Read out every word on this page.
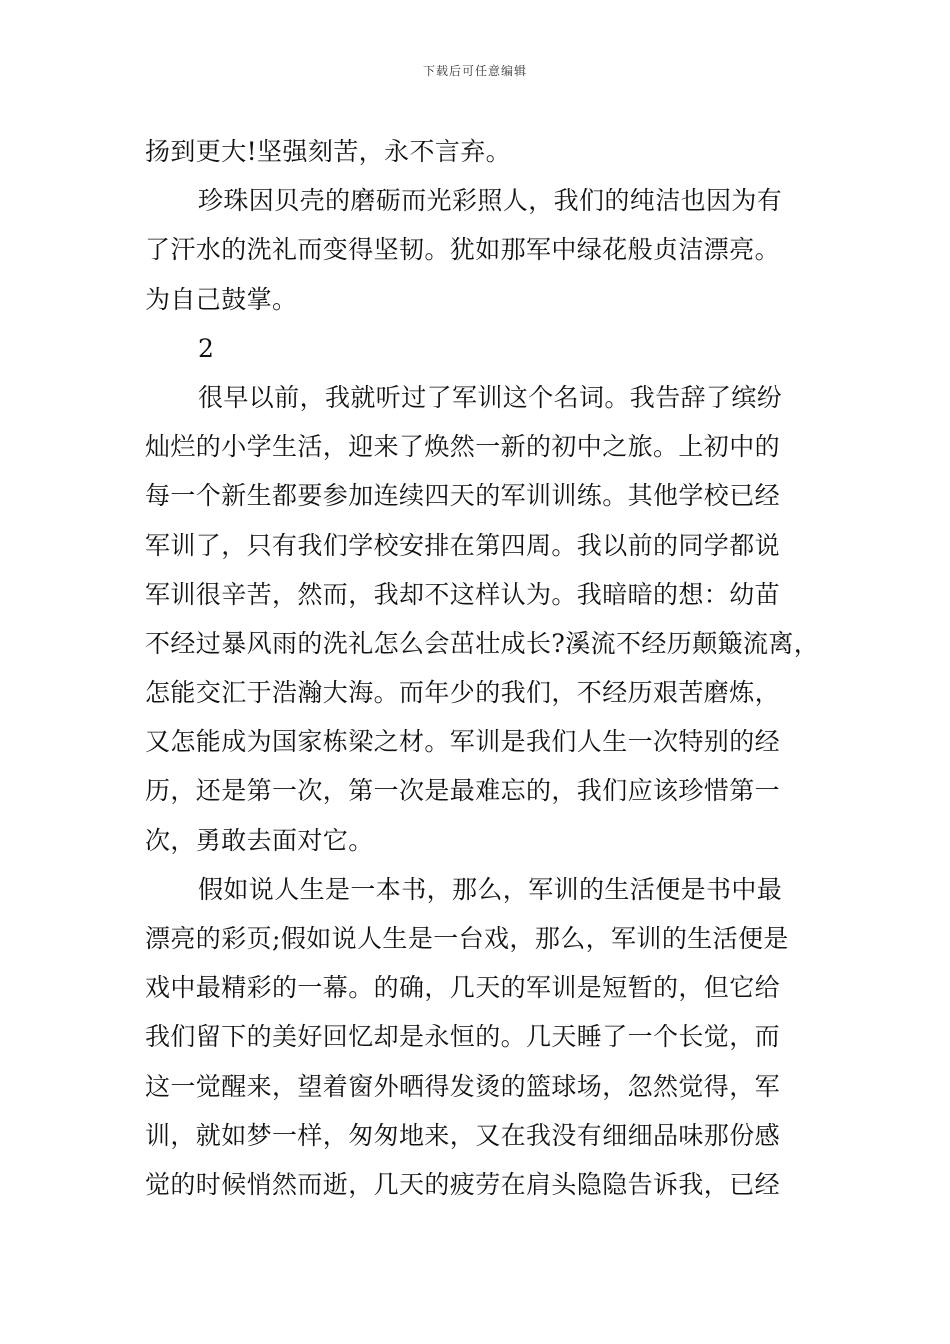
下载后可任意编辑
扬到更大!坚强刻苦，永不言弃。
珍珠因贝壳的磨砺而光彩照人，我们的纯洁也因为有
了汗水的洗礼而变得坚韧。犹如那军中绿花般贞洁漂亮。
为自己鼓掌。
2
很早以前，我就听过了军训这个名词。我告辞了缤纷
灿烂的小学生活，迎来了焕然一新的初中之旅。上初中的
每一个新生都要参加连续四天的军训训练。其他学校已经
军训了，只有我们学校安排在第四周。我以前的同学都说
军训很辛苦，然而，我却不这样认为。我暗暗的想：幼苗
不经过暴风雨的洗礼怎么会茁壮成长?溪流不经历颠簸流离，
怎能交汇于浩瀚大海。而年少的我们，不经历艰苦磨炼，
又怎能成为国家栋梁之材。军训是我们人生一次特别的经
历，还是第一次，第一次是最难忘的，我们应该珍惜第一
次，勇敢去面对它。
假如说人生是一本书，那么，军训的生活便是书中最
漂亮的彩页;假如说人生是一台戏，那么，军训的生活便是
戏中最精彩的一幕。的确，几天的军训是短暂的，但它给
我们留下的美好回忆却是永恒的。几天睡了一个长觉，而
这一觉醒来，望着窗外晒得发烫的篮球场，忽然觉得，军
训，就如梦一样，匆匆地来，又在我没有细细品味那份感
觉的时候悄然而逝，几天的疲劳在肩头隐隐告诉我，已经
